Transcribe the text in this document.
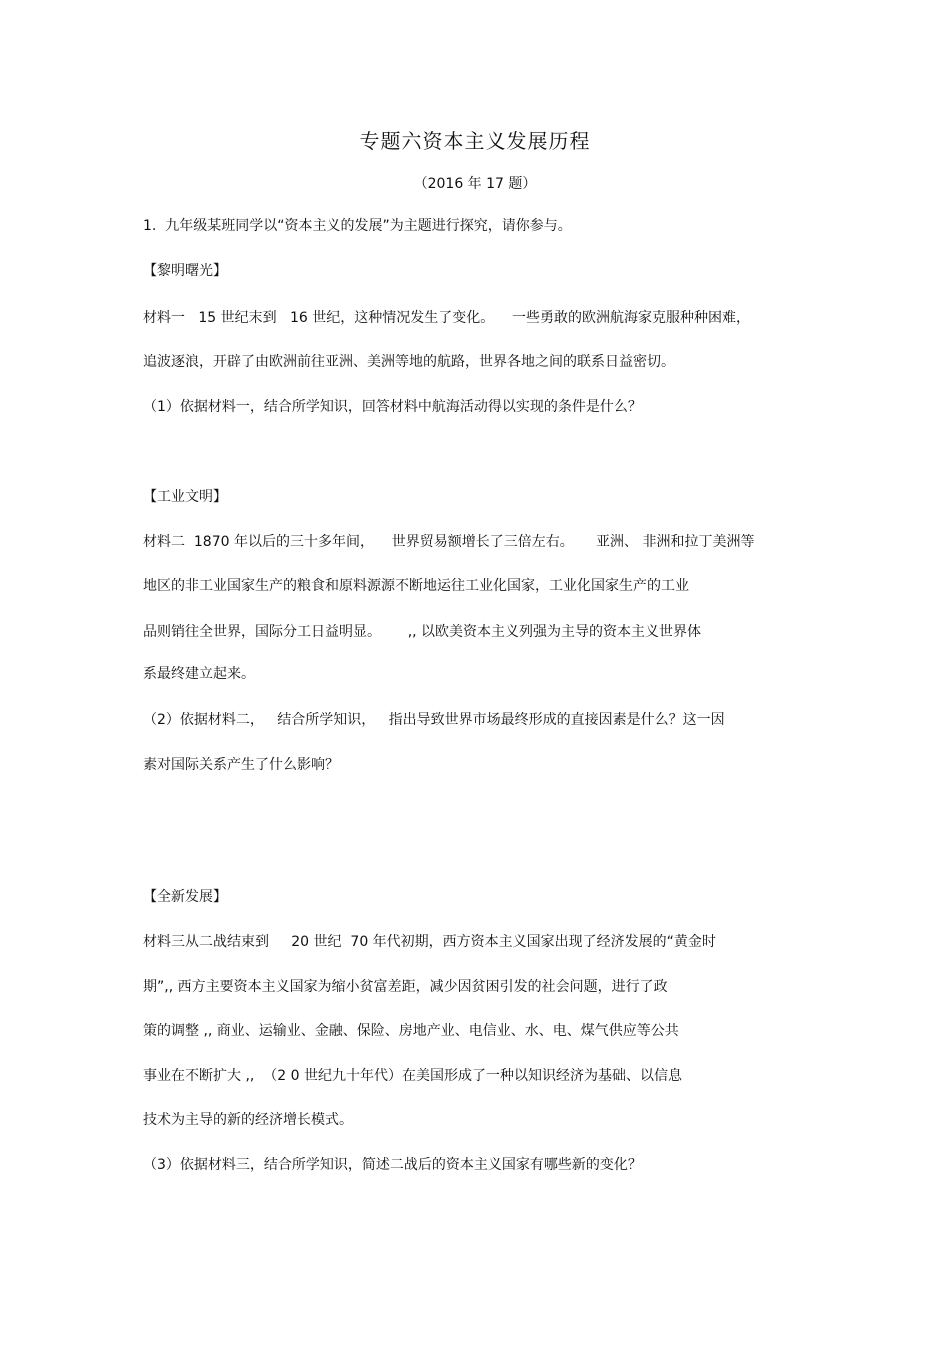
专题六资本主义发展历程
（2016 年 17 题）
1.  九年级某班同学以“资本主义的发展”为主题进行探究，请你参与。
【黎明曙光】
材料一   15 世纪末到   16 世纪，这种情况发生了变化。    一些勇敢的欧洲航海家克服种种困难，
追波逐浪，开辟了由欧洲前往亚洲、美洲等地的航路，世界各地之间的联系日益密切。
（1）依据材料一，结合所学知识，回答材料中航海活动得以实现的条件是什么？
【工业文明】
材料二  1870 年以后的三十多年间，    世界贸易额增长了三倍左右。     亚洲、 非洲和拉丁美洲等
地区的非工业国家生产的粮食和原料源源不断地运往工业化国家，工业化国家生产的工业
品则销往全世界，国际分工日益明显。      ,, 以欧美资本主义列强为主导的资本主义世界体
系最终建立起来。
（2）依据材料二，   结合所学知识，   指出导致世界市场最终形成的直接因素是什么？这一因
素对国际关系产生了什么影响？
【全新发展】
材料三从二战结束到     20 世纪  70 年代初期，西方资本主义国家出现了经济发展的“黄金时
期”,, 西方主要资本主义国家为缩小贫富差距，减少因贫困引发的社会问题，进行了政
策的调整 ,, 商业、运输业、金融、保险、房地产业、电信业、水、电、煤气供应等公共
事业在不断扩大 ,,  （2 0 世纪九十年代）在美国形成了一种以知识经济为基础、以信息
技术为主导的新的经济增长模式。
（3）依据材料三，结合所学知识，简述二战后的资本主义国家有哪些新的变化？
